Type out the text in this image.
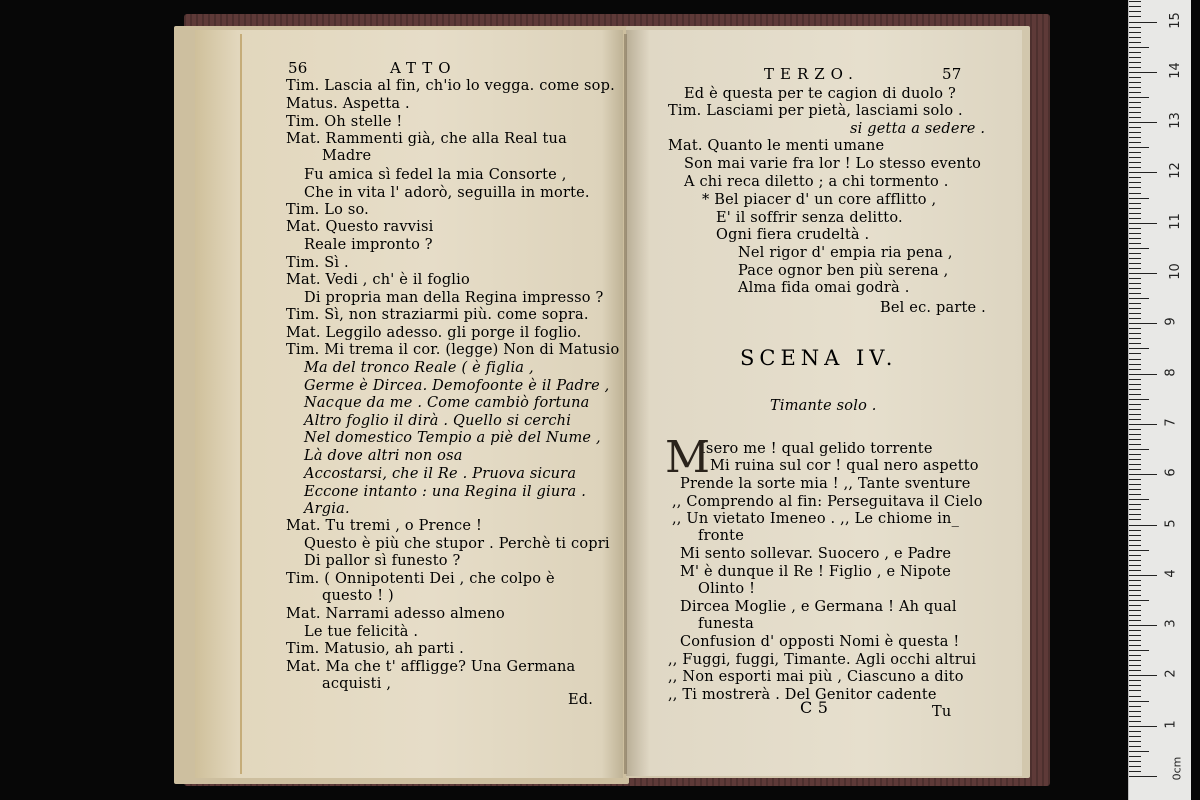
56	ATTO
Tim. Lascia al fin, ch'io lo vegga. come sop.
Matus. Aspetta .
Tim. Oh stelle !
Mat. Rammenti già, che alla Real tua
Madre
Fu amica sì fedel la mia Consorte ,
Che in vita l' adorò, seguilla in morte.
Tim. Lo so.
Mat. Questo ravvisi
Reale impronto ?
Tim. Sì .
Mat. Vedi , ch' è il foglio
Di propria man della Regina impresso ?
Tim. Sì, non straziarmi più. come sopra.
Mat. Leggilo adesso. gli porge il foglio.
Tim. Mi trema il cor. (legge) Non di Matusio
Ma del tronco Reale ( è figlia ,
Germe è Dircea. Demofoonte è il Padre ,
Nacque da me . Come cambiò fortuna
Altro foglio il dirà . Quello si cerchi
Nel domestico Tempio a piè del Nume ,
Là dove altri non osa
Accostarsi, che il Re . Pruova sicura
Eccone intanto : una Regina il giura .
Argia.
Mat. Tu tremi , o Prence !
Questo è più che stupor . Perchè ti copri
Di pallor sì funesto ?
Tim. ( Onnipotenti Dei , che colpo è
questo ! )
Mat. Narrami adesso almeno
Le tue felicità .
Tim. Matusio, ah parti .
Mat. Ma che t' affligge? Una Germana
acquisti ,
Ed.
TERZO.	57
Ed è questa per te cagion di duolo ?
Tim. Lasciami per pietà, lasciami solo .
si getta a sedere .
Mat. Quanto le menti umane
Son mai varie fra lor ! Lo stesso evento
A chi reca diletto ; a chi tormento .
* Bel piacer d' un core afflitto ,
E' il soffrir senza delitto.
Ogni fiera crudeltà .
Nel rigor d' empia ria pena ,
Pace ognor ben più serena ,
Alma fida omai godrà .
Bel ec. parte .
Timante solo .
Isero me ! qual gelido torrente
Mi ruina sul cor ! qual nero aspetto
Prende la sorte mia ! ,, Tante sventure
,, Comprendo al fin: Perseguitava il Cielo
,, Un vietato Imeneo . ,, Le chiome in_
fronte
Mi sento sollevar. Suocero , e Padre
M' è dunque il Re ! Figlio , e Nipote
Olinto !
Dircea Moglie , e Germana ! Ah qual
funesta
Confusion d' opposti Nomi è questa !
,, Fuggi, fuggi, Timante. Agli occhi altrui
,, Non esporti mai più , Ciascuno a dito
,, Ti mostrerà . Del Genitor cadente
SCENA IV.
M
C 5	Tu
15
14
13
12
11
10
9
8
7
6
5
4
3
2
1
0cm
